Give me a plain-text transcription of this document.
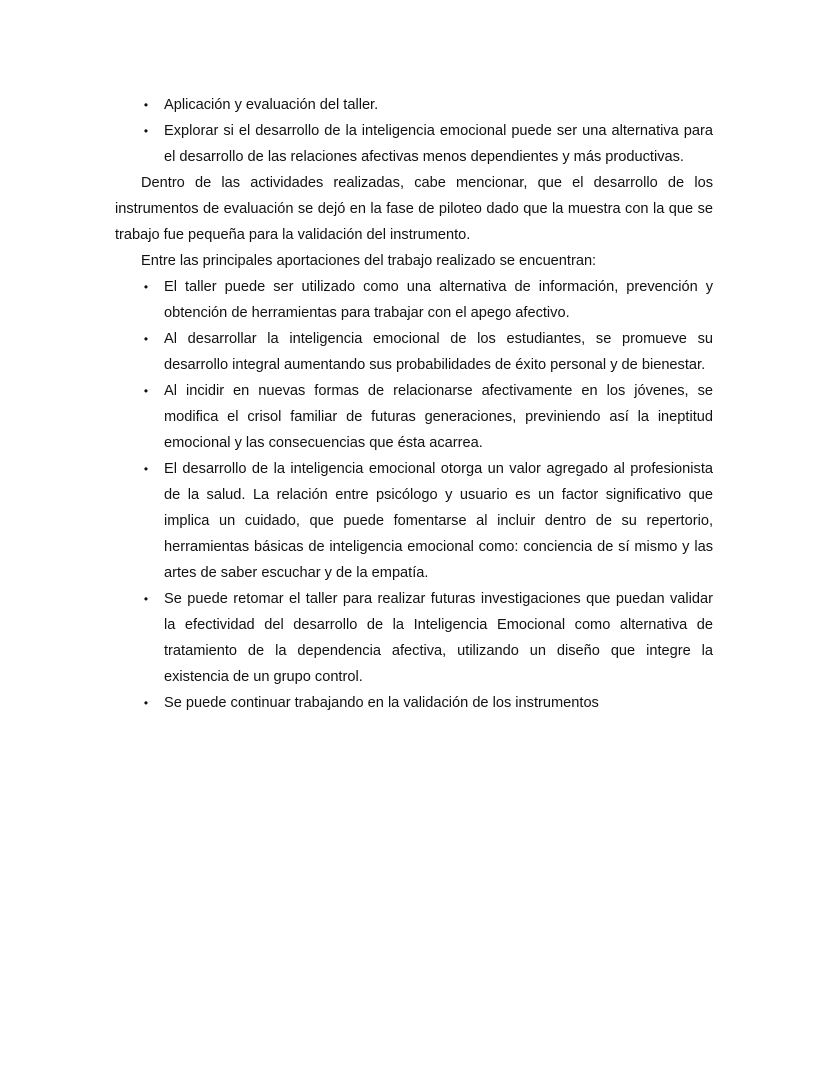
• Aplicación y evaluación del taller.
• Explorar si el desarrollo de la inteligencia emocional puede ser una alternativa para el desarrollo de las relaciones afectivas menos dependientes y más productivas.

Dentro de las actividades realizadas, cabe mencionar, que el desarrollo de los instrumentos de evaluación se dejó en la fase de piloteo dado que la muestra con la que se trabajo fue pequeña para la validación del instrumento.

Entre las principales aportaciones del trabajo realizado se encuentran:

• El taller puede ser utilizado como una alternativa de información, prevención y obtención de herramientas para trabajar con el apego afectivo.
• Al desarrollar la inteligencia emocional de los estudiantes, se promueve su desarrollo integral aumentando sus probabilidades de éxito personal y de bienestar.
• Al incidir en nuevas formas de relacionarse afectivamente en los jóvenes, se modifica el crisol familiar de futuras generaciones, previniendo así la ineptitud emocional y las consecuencias que ésta acarrea.
• El desarrollo de la inteligencia emocional otorga un valor agregado al profesionista de la salud. La relación entre psicólogo y usuario es un factor significativo que implica un cuidado, que puede fomentarse al incluir dentro de su repertorio, herramientas básicas de inteligencia emocional como: conciencia de sí mismo y las artes de saber escuchar y de la empatía.
• Se puede retomar el taller para realizar futuras investigaciones que puedan validar la efectividad del desarrollo de la Inteligencia Emocional como alternativa de tratamiento de la dependencia afectiva, utilizando un diseño que integre la existencia de un grupo control.
• Se puede continuar trabajando en la validación de los instrumentos
